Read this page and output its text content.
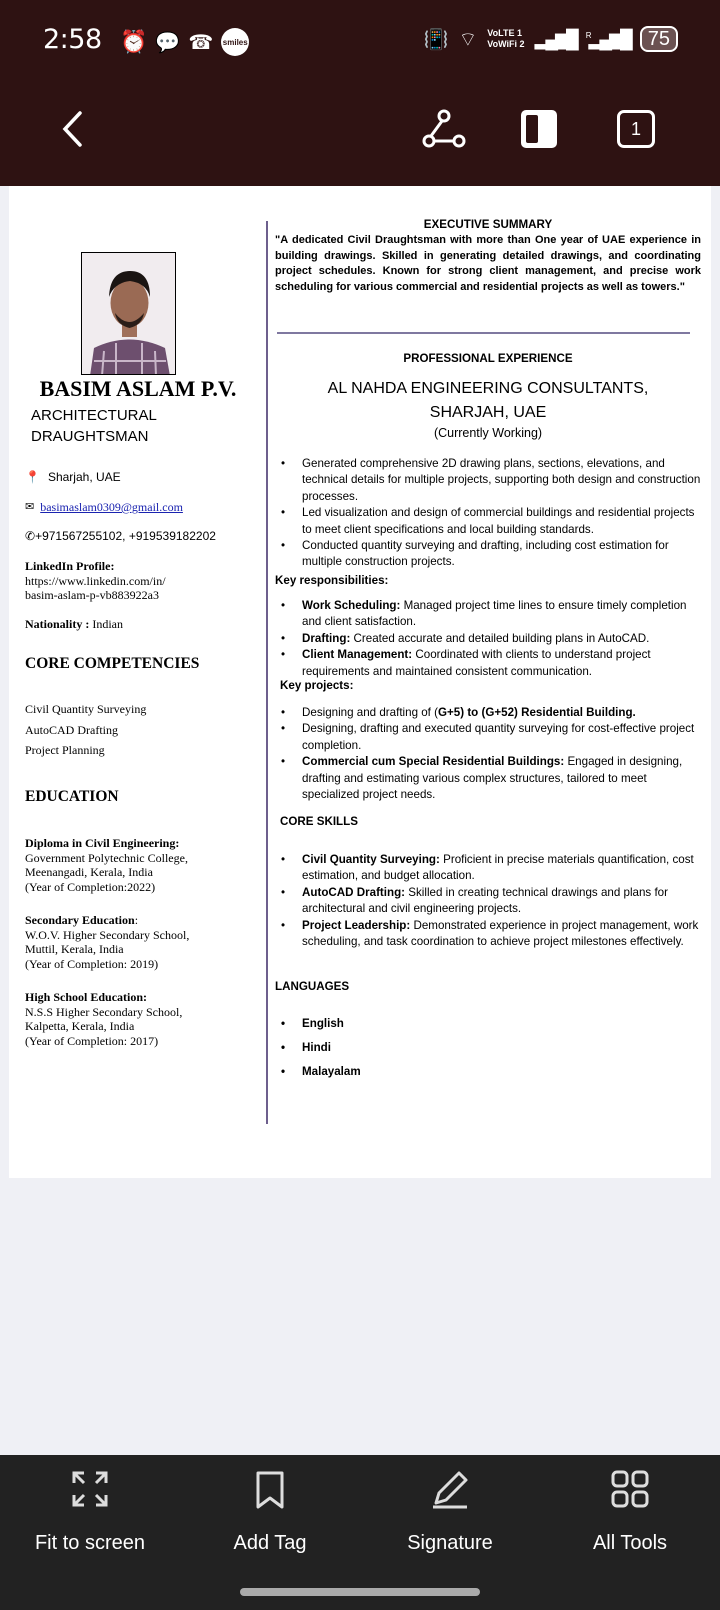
2:58 ⏰ 💬 ☎ smiles	📳 ⌔ VoLTE 1
VoWiFi 2 ▂▄▆█ $^R$▂▄▆█ 75
1
BASIM ASLAM P.V.
ARCHITECTURAL
DRAUGHTSMAN
📍 Sharjah, UAE
✉ basimaslam0309@gmail.com
✆ +971567255102, +919539182202
LinkedIn Profile:
https://www.linkedin.com/in/
basim-aslam-p-vb883922a3
Nationality : Indian
CORE COMPETENCIES
Civil Quantity Surveying
AutoCAD Drafting
Project Planning
EDUCATION
Diploma in Civil Engineering:
Government Polytechnic College,
Meenangadi, Kerala, India
(Year of Completion:2022)
Secondary Education:
W.O.V. Higher Secondary School,
Muttil, Kerala, India
(Year of Completion: 2019)
High School Education:
N.S.S Higher Secondary School,
Kalpetta, Kerala, India
(Year of Completion: 2017)
EXECUTIVE SUMMARY
"A dedicated Civil Draughtsman with more than One year of UAE experience in building drawings. Skilled in generating detailed drawings, and coordinating project schedules. Known for strong client management, and precise work scheduling for various commercial and residential projects as well as towers."
PROFESSIONAL EXPERIENCE
AL NAHDA ENGINEERING CONSULTANTS,
SHARJAH, UAE
(Currently Working)
• Generated comprehensive 2D drawing plans, sections, elevations, and technical details for multiple projects, supporting both design and construction processes.
• Led visualization and design of commercial buildings and residential projects to meet client specifications and local building standards.
• Conducted quantity surveying and drafting, including cost estimation for multiple construction projects.
Key responsibilities:
• Work Scheduling: Managed project time lines to ensure timely completion and client satisfaction.
• Drafting: Created accurate and detailed building plans in AutoCAD.
• Client Management: Coordinated with clients to understand project requirements and maintained consistent communication.
Key projects:
• Designing and drafting of (G+5) to (G+52) Residential Building.
• Designing, drafting and executed quantity surveying for cost-effective project completion.
• Commercial cum Special Residential Buildings: Engaged in designing, drafting and estimating various complex structures, tailored to meet specialized project needs.
CORE SKILLS
• Civil Quantity Surveying: Proficient in precise materials quantification, cost estimation, and budget allocation.
• AutoCAD Drafting: Skilled in creating technical drawings and plans for architectural and civil engineering projects.
• Project Leadership: Demonstrated experience in project management, work scheduling, and task coordination to achieve project milestones effectively.
LANGUAGES
• English
• Hindi
• Malayalam
Fit to screen	Add Tag	Signature	All Tools
